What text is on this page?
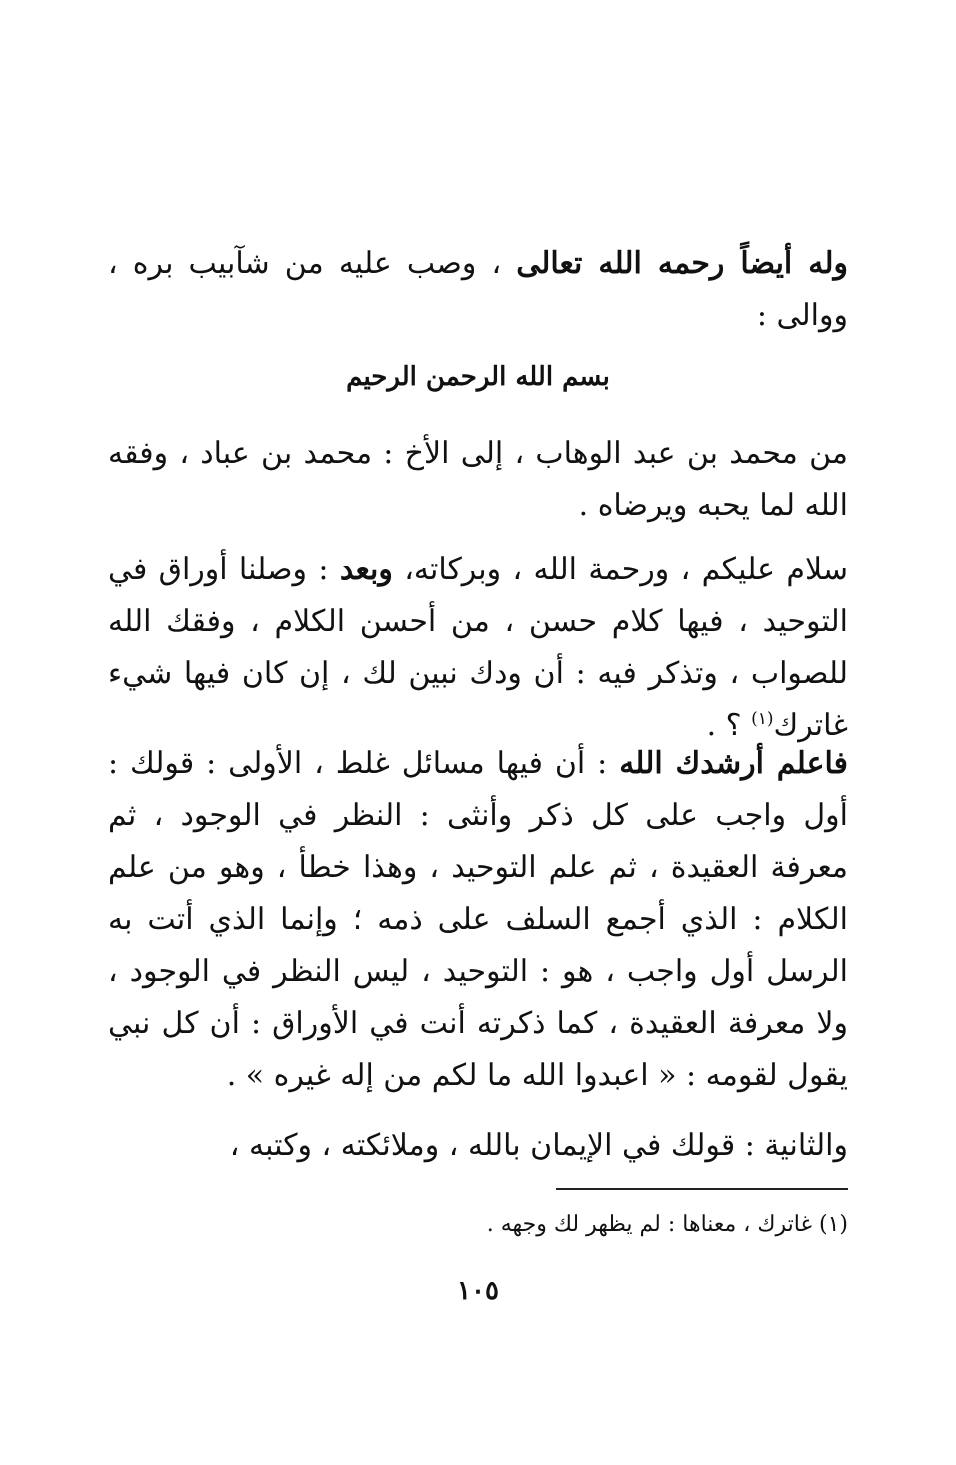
وله أيضاً رحمه الله تعالى ، وصب عليه من شآبيب بره ، ووالى :
بسم الله الرحمن الرحيم
من محمد بن عبد الوهاب ، إلى الأخ : محمد بن عباد ، وفقه الله لما يحبه ويرضاه .
سلام عليكم ، ورحمة الله ، وبركاته، وبعد : وصلنا أوراق في التوحيد ، فيها كلام حسن ، من أحسن الكلام ، وفقك الله للصواب ، وتذكر فيه : أن ودك نبين لك ، إن كان فيها شيء غاترك$^{(١)}$ ؟ .
فاعلم أرشدك الله : أن فيها مسائل غلط ، الأولى : قولك : أول واجب على كل ذكر وأنثى : النظر في الوجود ، ثم معرفة العقيدة ، ثم علم التوحيد ، وهذا خطأ ، وهو من علم الكلام : الذي أجمع السلف على ذمه ؛ وإنما الذي أتت به الرسل أول واجب ، هو : التوحيد ، ليس النظر في الوجود ، ولا معرفة العقيدة ، كما ذكرته أنت في الأوراق : أن كل نبي يقول لقومه : « اعبدوا الله ما لكم من إله غيره » .
والثانية : قولك في الإيمان بالله ، وملائكته ، وكتبه ،
(١) غاترك ، معناها : لم يظهر لك وجهه .
١٠٥
